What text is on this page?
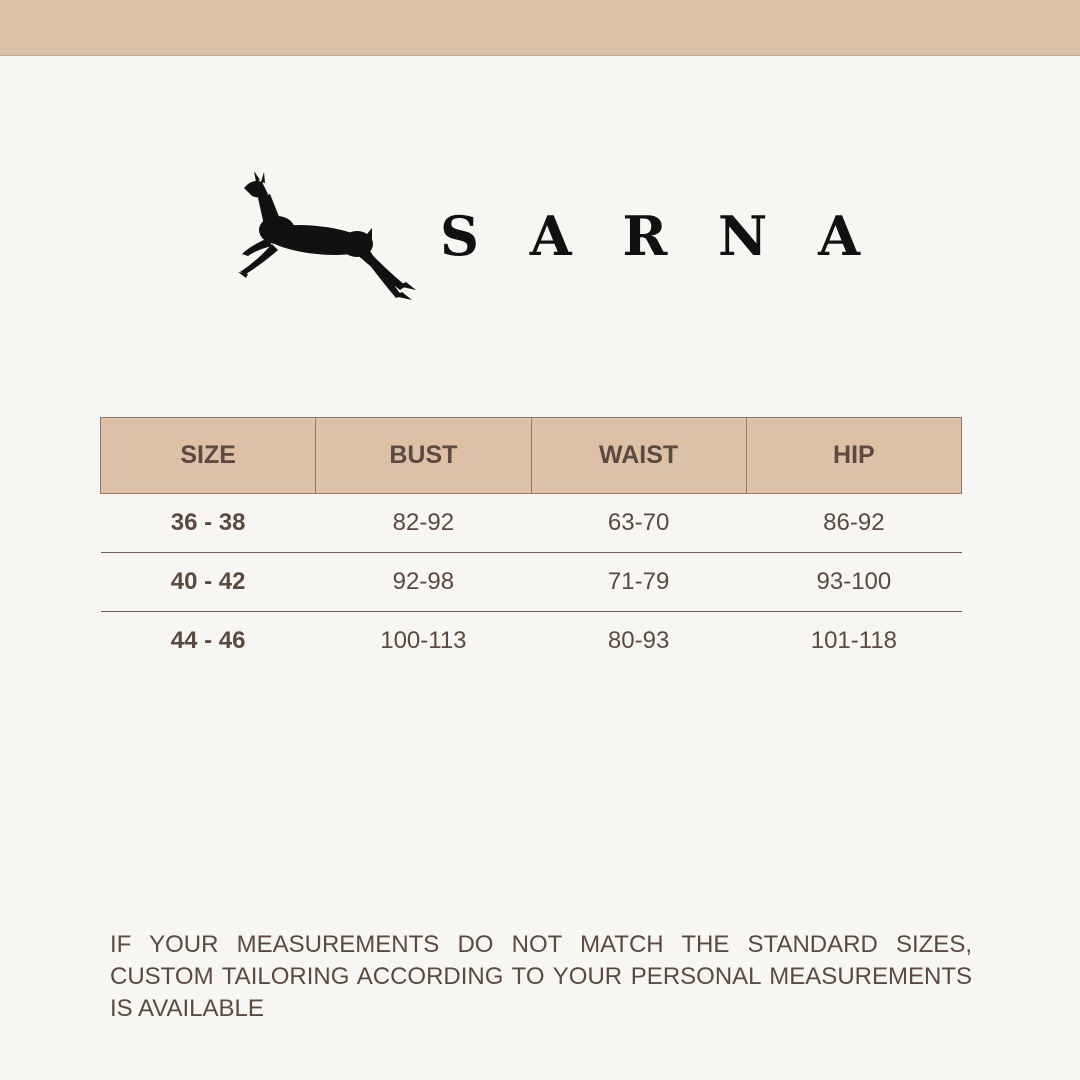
S A R N A
SIZE	BUST	WAIST	HIP
36 - 38	82-92	63-70	86-92
40 - 42	92-98	71-79	93-100
44 - 46	100-113	80-93	101-118

IF YOUR MEASUREMENTS DO NOT MATCH THE STANDARD SIZES, CUSTOM TAILORING ACCORDING TO YOUR PERSONAL MEASUREMENTS IS AVAILABLE
